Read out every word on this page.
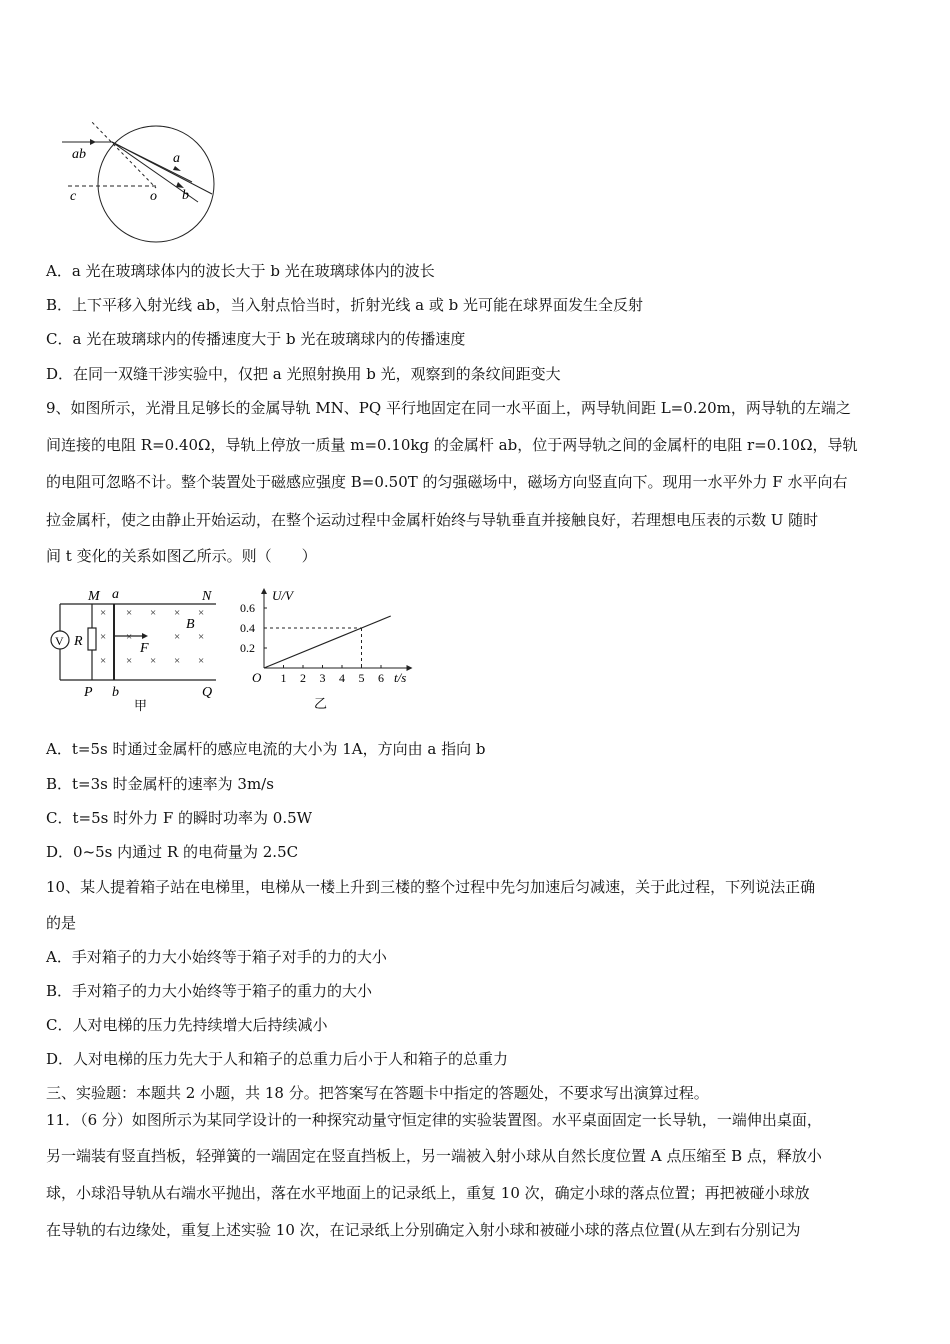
ab	a
b
c	o
A．a 光在玻璃球体内的波长大于 b 光在玻璃球体内的波长
B．上下平移入射光线 ab，当入射点恰当时，折射光线 a 或 b 光可能在球界面发生全反射
C．a 光在玻璃球内的传播速度大于 b 光在玻璃球内的传播速度
D．在同一双缝干涉实验中，仅把 a 光照射换用 b 光，观察到的条纹间距变大
9、如图所示，光滑且足够长的金属导轨 MN、PQ 平行地固定在同一水平面上，两导轨间距 L=0.20m，两导轨的左端之
间连接的电阻 R=0.40Ω，导轨上停放一质量 m=0.10kg 的金属杆 ab，位于两导轨之间的金属杆的电阻 r=0.10Ω，导轨
的电阻可忽略不计。整个装置处于磁感应强度 B=0.50T 的匀强磁场中，磁场方向竖直向下。现用一水平外力 F 水平向右
拉金属杆，使之由静止开始运动，在整个运动过程中金属杆始终与导轨垂直并接触良好，若理想电压表的示数 U 随时
间 t 变化的关系如图乙所示。则（　　）
M a	N
V R	F
B
×
×
×
× × × ×
×	× ×
× × × ×
P b	Q
甲
0.6
0.4
0.2
1 2 3 4 5 6
U/V
t/s
O
乙
A．t=5s 时通过金属杆的感应电流的大小为 1A，方向由 a 指向 b
B．t=3s 时金属杆的速率为 3m/s
C．t=5s 时外力 F 的瞬时功率为 0.5W
D．0~5s 内通过 R 的电荷量为 2.5C
10、某人提着箱子站在电梯里，电梯从一楼上升到三楼的整个过程中先匀加速后匀减速，关于此过程，下列说法正确
的是
A．手对箱子的力大小始终等于箱子对手的力的大小
B．手对箱子的力大小始终等于箱子的重力的大小
C．人对电梯的压力先持续增大后持续减小
D．人对电梯的压力先大于人和箱子的总重力后小于人和箱子的总重力
三、实验题：本题共 2 小题，共 18 分。把答案写在答题卡中指定的答题处，不要求写出演算过程。
11．（6 分）如图所示为某同学设计的一种探究动量守恒定律的实验装置图。水平桌面固定一长导轨，一端伸出桌面，
另一端装有竖直挡板，轻弹簧的一端固定在竖直挡板上，另一端被入射小球从自然长度位置 A 点压缩至 B 点，释放小
球，小球沿导轨从右端水平抛出，落在水平地面上的记录纸上，重复 10 次，确定小球的落点位置；再把被碰小球放
在导轨的右边缘处，重复上述实验 10 次，在记录纸上分别确定入射小球和被碰小球的落点位置(从左到右分别记为
